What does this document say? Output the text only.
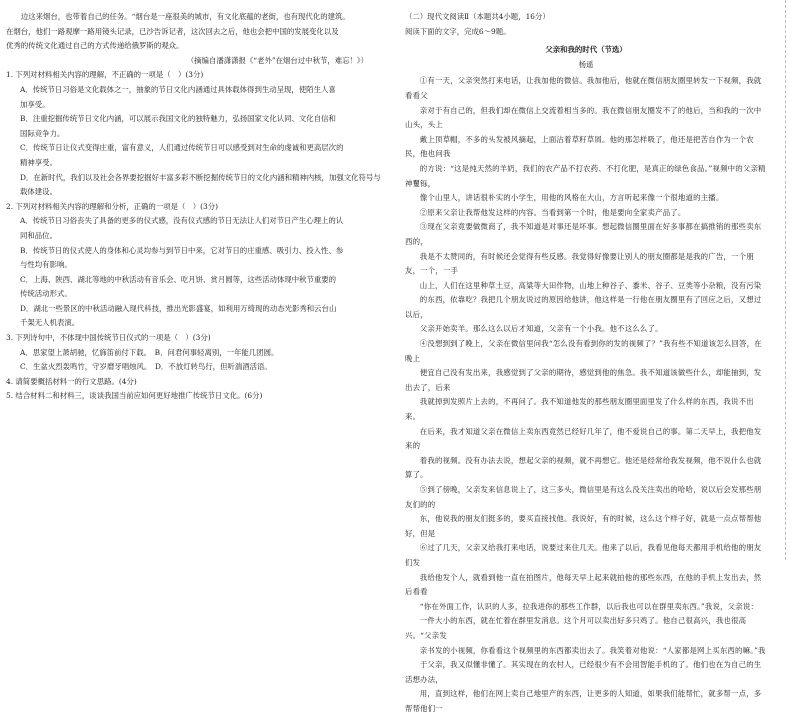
边这来烟台，也带着自己的任务。“烟台是一座很美的城市，有文化底蕴的老街，也有现代化的建筑。

在烟台，他们一路观摩一路用镜头记录，已沙告诉记者，这次回去之后，他也会把中国的发展变化以及

优秀的传统文化通过自己的方式传递给俄罗斯的观众。

（摘编自潘潇潇报《“老外”在烟台过中秋节，难忘！》）

1. 下列对材料相关内容的理解，不正确的一项是（　）(3分)

A．传统节日习俗是文化载体之一，抽象的节日文化内涵通过具体载体得到生动呈现，使陌生人喜

加享受。

B．注重挖掘传统节日文化内涵，可以展示我国文化的独特魅力，弘扬国家文化认同、文化自信和

国际竞争力。

C．传统节日让仪式变得庄重，富有意义，人们通过传统节日可以感受到对生命的虔诚和更高层次的

精神享受。

D．在新时代，我们以及社会各界要挖掘好丰富多彩不断挖掘传统节日的文化内涵和精神内核，加强文化符号与

载体建设。

2. 下列对材料相关内容的理解和分析，正确的一项是（　）(3分)

A．传统节日习俗丧失了具备的更多的仪式感，没有仪式感的节日无法让人们对节日产生心理上的认

同和品位。

B．传统节日的仪式使人的身体和心灵均参与到节日中来，它对节日的庄重感、吸引力、投入性、参

与性均有影响。

C．上海、陕西、湖北等地的中秋活动有音乐会、吃月饼、赏月圆等，这些活动体现中秋节重要的

传统活动形式。

D．湖北一些景区的中秋活动融入现代科技，推出光影盛宴，如利用万绮现的动态光影秀和云台山

千架无人机表演。

3. 下列诗句中，不体现中国传统节日仪式的一项是（　）(3分)

A．思家望上萧胡驰，忆旆笛前付下载。　B．问君何事轻离别，一年能几团圆。

C．生盆火烈轰鸣竹，守岁磨牙唱烛风。　D．不放灯转鸟行，但听湍酒活语。

4. 请简要概括材料一的行文思路。(4分)

5. 结合材料二和材料三，谈谈我国当前应如何更好地推广传统节日文化。(6分)

（二）现代文阅读Ⅱ（本题共4小题，16分）

阅读下面的文字，完成6～9题。

父亲和我的时代（节选）

杨遥

①有一天，父亲突然打来电话，让我加他的微信。我加他后，他就在微信朋友圈里转发一下视频，我就看看父

亲对于有自己的，但我们却在微信上交流着相当多的。我在微信朋友圈发不了的他后，当和我的一次中山头，头上

戴上顶草帽，不多的头发被风摘起，上面沾着草籽草屑。他的那怎样吸了，他还是把苦自作为一个农民，他也问我

的方说：“这是纯天然的羊奶，我们的农产品不打农药、不打化肥，是真正的绿色食品。”视频中的父亲精神矍铄，

像个山里人，讲话很朴实的小学生，用他的风格在大山，方言听起来像一个很地道的主播。

②原来父亲让我帮他发这样的内容。当看到第一个时，他是要向全家卖产品了。

③现在父亲竟要做微商了，我不知道是对事还是坏事。想起微信圈里面在好多事都在搞推销的那些卖东西的，

我是不太赞同的，有时候还会觉得有些反感。我觉得好像要让别人的朋友圈都是是我的广告，一个朋友，一个，一手

山上，人们在这里种草土豆，高粱等大田作物，山地上种谷子、黍米、谷子、豆类等小杂粮，没有污染

的东西，依靠吃？我把几个朋友说过的原因给他讲，他这样是一行他在朋友圈里有了回应之后，又想过以后，

父亲开始卖羊。那么这么以后才知道，父亲有一个小我。他不这么么了。

④没想到到了晚上，父亲在微信里问我“怎么没有看到你的发的视频了？”我有些不知道该怎么回答，在晚上

便宜自己没有发出来，我感觉到了父亲的期待，感觉到他的焦急。我不知道该做些什么，却能抽到，发出去了，后来

我就掉到发照片上去的，不再问了。我不知道他发的那些朋友圈里面里发了什么样的东西，我说不出来。

在后来，我才知道父亲在微信上卖东西竟然已经好几年了，他不爱说自己的事。第二天早上，我把他发来的

着我的视频。没有办法去说，想起父亲的视频，就不再想它。他还是经常给我发视频，他不说什么也就算了。

⑤到了傍晚，父亲发来信息说上了，这三多头，微信里是有这么没关注卖出的哈哈，说以后会发那些朋友们的的

东，他说我的朋友们挺多的，要买直接找他。我说好，有的时候，这么这个样子好，就是一点点帮帮他好，但是

⑥过了几天，父亲又给我打来电话，说要过来住几天。他来了以后，我看见他每天都用手机给他的朋友们发

我给他发个人，就看到他一直在拍图片，他每天早上起来就拍他的那些东西，在他的手机上发出去，然后看看

“你在外面工作，认识的人多，拉我进你的那些工作群，以后我也可以在群里卖东西。”我说，父亲说：

一件大小的东西，就在忙着在群里发消息。这个月可以卖出好多只鸡了。他自己很高兴，我也很高兴。“父亲发

亲书发的小视频，你看看这个视频里的东西都卖出去了。我笑着对他说：“人家都是网上买东西的嘛。”我

于父亲，我又似懂非懂了。其实现在的农村人，已经很少有不会用智能手机的了。他们也在为自己的生活想办法，

用，直到这样，他们在网上卖自己地里产的东西，让更多的人知道，如果我们能帮忙，就多帮一点，多帮帮他们一
